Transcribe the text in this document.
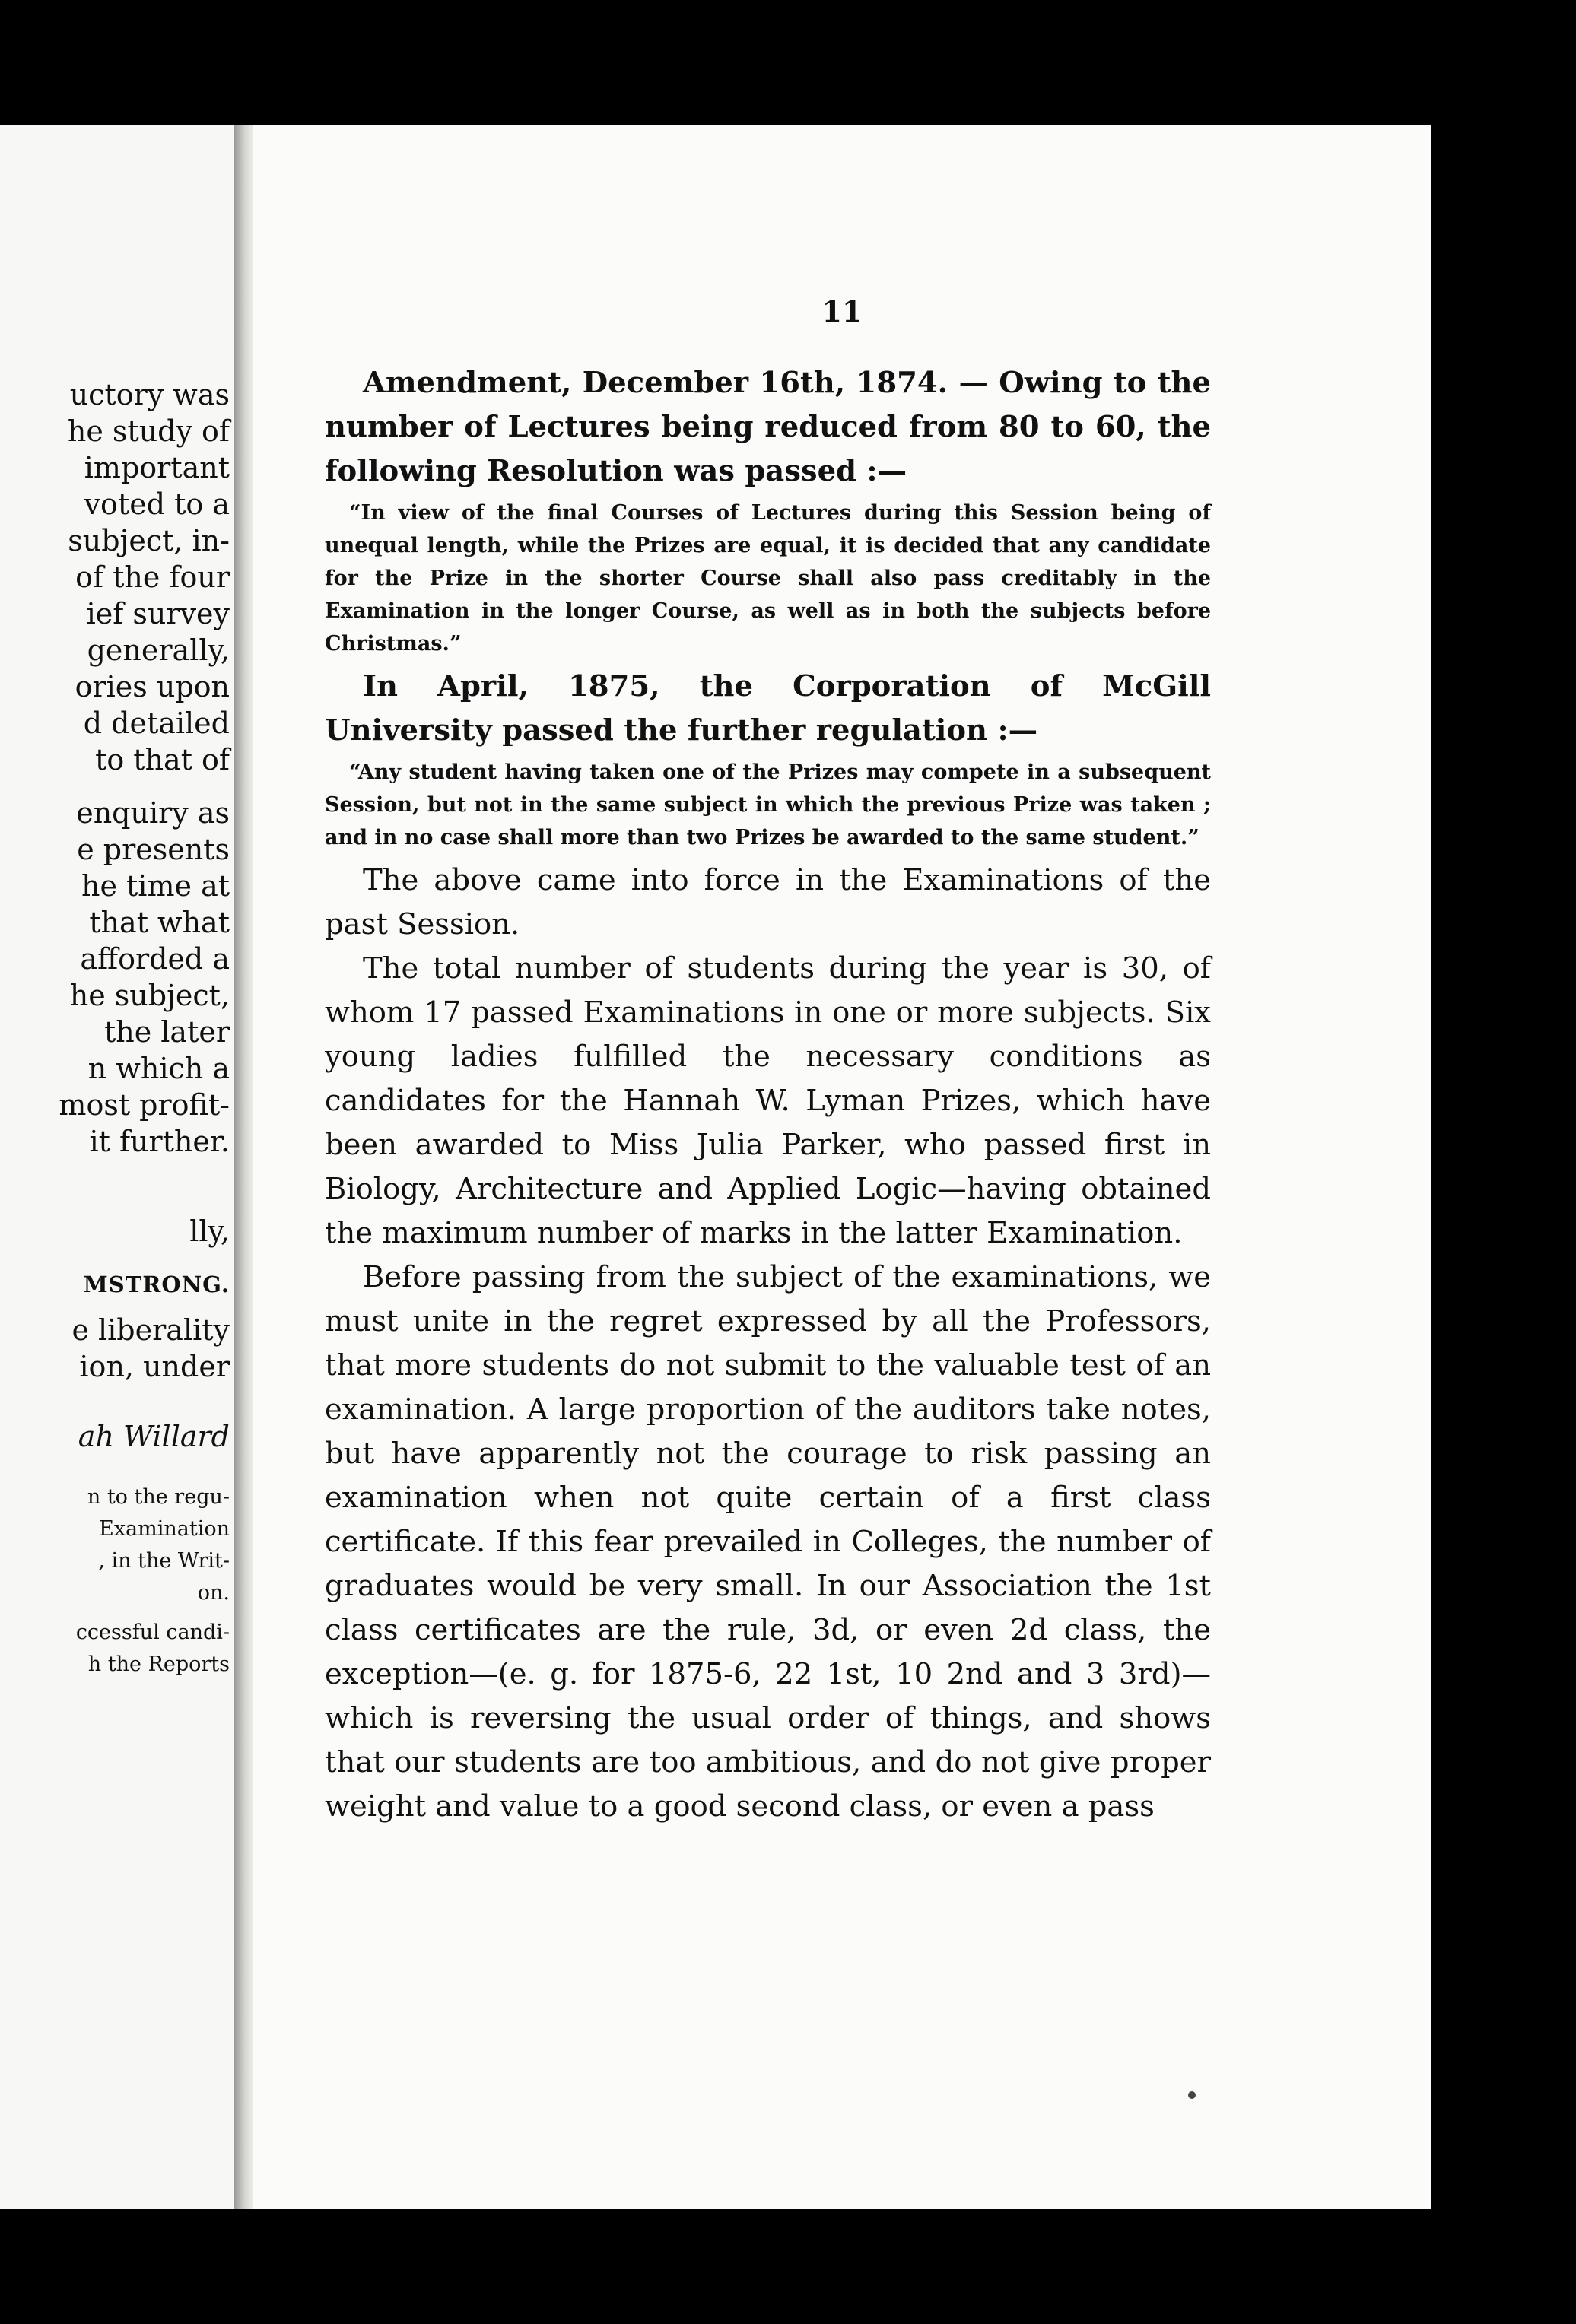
uctory was
he study of
important
voted to a
subject, in-
of the four
ief survey
generally,
ories upon
d detailed
to that of
enquiry as
e presents
he time at
that what
afforded a
he subject,
the later
n which a
most profit-
it further.
lly,
MSTRONG.
e liberality
ion, under
ah Willard
n to the regu-
Examination
, in the Writ-
on.
ccessful candi-
h the Reports
11

Amendment, December 16th, 1874. — Owing to the number of Lectures being reduced from 80 to 60, the following Resolution was passed :—

“In view of the final Courses of Lectures during this Session being of unequal length, while the Prizes are equal, it is decided that any candidate for the Prize in the shorter Course shall also pass creditably in the Examination in the longer Course, as well as in both the subjects before Christmas.”

In April, 1875, the Corporation of McGill University passed the further regulation :—

“Any student having taken one of the Prizes may compete in a subsequent Session, but not in the same subject in which the previous Prize was taken ; and in no case shall more than two Prizes be awarded to the same student.”

The above came into force in the Examinations of the past Session.

The total number of students during the year is 30, of whom 17 passed Examinations in one or more subjects. Six young ladies fulfilled the necessary conditions as candidates for the Hannah W. Lyman Prizes, which have been awarded to Miss Julia Parker, who passed first in Biology, Architecture and Applied Logic—having obtained the maximum number of marks in the latter Examination.

Before passing from the subject of the examinations, we must unite in the regret expressed by all the Professors, that more students do not submit to the valuable test of an examination. A large proportion of the auditors take notes, but have apparently not the courage to risk passing an examination when not quite certain of a first class certificate. If this fear prevailed in Colleges, the number of graduates would be very small. In our Association the 1st class certificates are the rule, 3d, or even 2d class, the exception—(e. g. for 1875-6, 22 1st, 10 2nd and 3 3rd)— which is reversing the usual order of things, and shows that our students are too ambitious, and do not give proper weight and value to a good second class, or even a pass
